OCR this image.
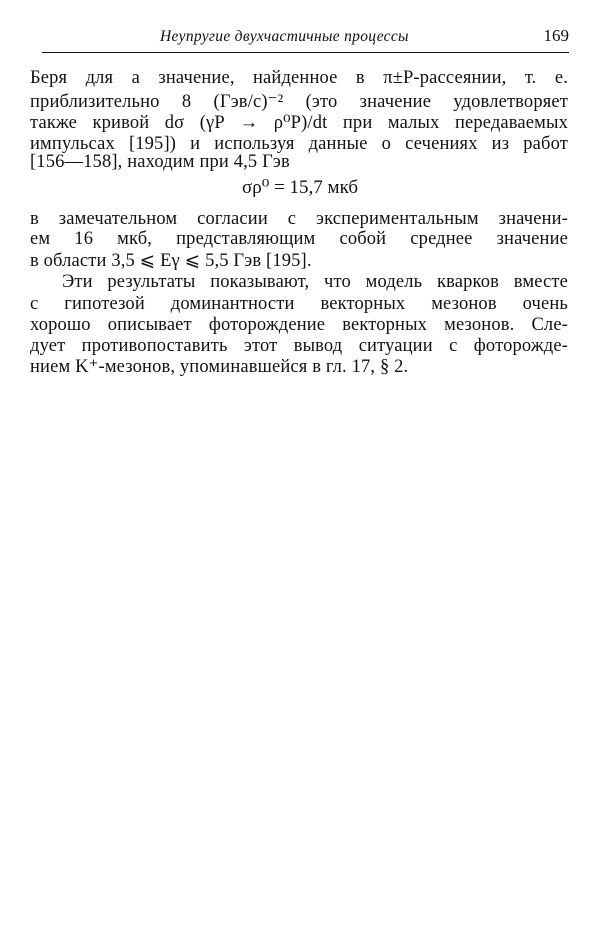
Неупругие двухчастичные процессы	169
Беря для a значение, найденное в π±P-рассеянии, т. е.
приблизительно 8 (Гэв/с)⁻² (это значение удовлетворяет
также кривой dσ (γP → ρ⁰P)/dt при малых передаваемых
импульсах [195]) и используя данные о сечениях из работ
[156—158], находим при 4,5 Гэв
σρ⁰ = 15,7 мкб
в замечательном согласии с экспериментальным значени-
ем 16 мкб, представляющим собой среднее значение
в области 3,5 ⩽ Eγ ⩽ 5,5 Гэв [195].
Эти результаты показывают, что модель кварков вместе
с гипотезой доминантности векторных мезонов очень
хорошо описывает фоторождение векторных мезонов. Сле-
дует противопоставить этот вывод ситуации с фоторожде-
нием K⁺-мезонов, упоминавшейся в гл. 17, § 2.
